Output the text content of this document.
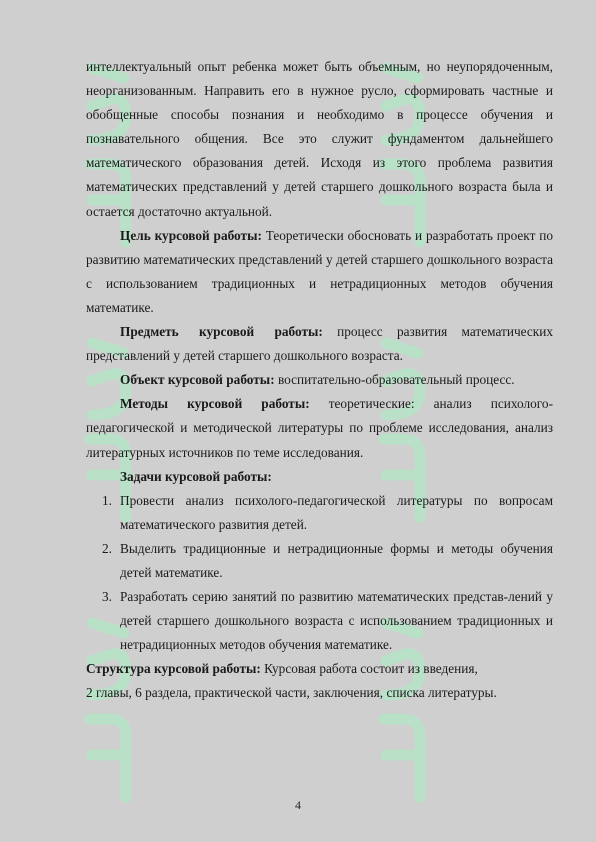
интеллектуальный опыт ребенка может быть объемным, но неупорядоченным, неорганизованным. Направить его в нужное русло, сформировать частные и обобщенные способы познания и необходимо в процессе обучения и познавательного общения. Все это служит фундаментом дальнейшего математического образования детей. Исходя из этого проблема развития математических представлений у детей старшего дошкольного возраста была и остается достаточно актуальной.

Цель курсовой работы: Теоретически обосновать и разработать проект по развитию математических представлений у детей старшего дошкольного возраста с использованием традиционных и нетрадиционных методов обучения математике.

Предметь курсовой работы: процесс развития математических представлений у детей старшего дошкольного возраста.

Объект курсовой работы: воспитательно-образовательный процесс.

Методы курсовой работы: теоретические: анализ психолого-педагогической и методической литературы по проблеме исследования, анализ литературных источников по теме исследования.

Задачи курсовой работы:

1. Провести анализ психолого-педагогической литературы по вопросам математического развития детей.
2. Выделить традиционные и нетрадиционные формы и методы обучения детей математике.
3. Разработать серию занятий по развитию математических представ-лений у детей старшего дошкольного возраста с использованием традиционных и нетрадиционных методов обучения математике.

Структура курсовой работы: Курсовая работа состоит из введения,

2 главы, 6 раздела, практической части, заключения, списка литературы.

4
